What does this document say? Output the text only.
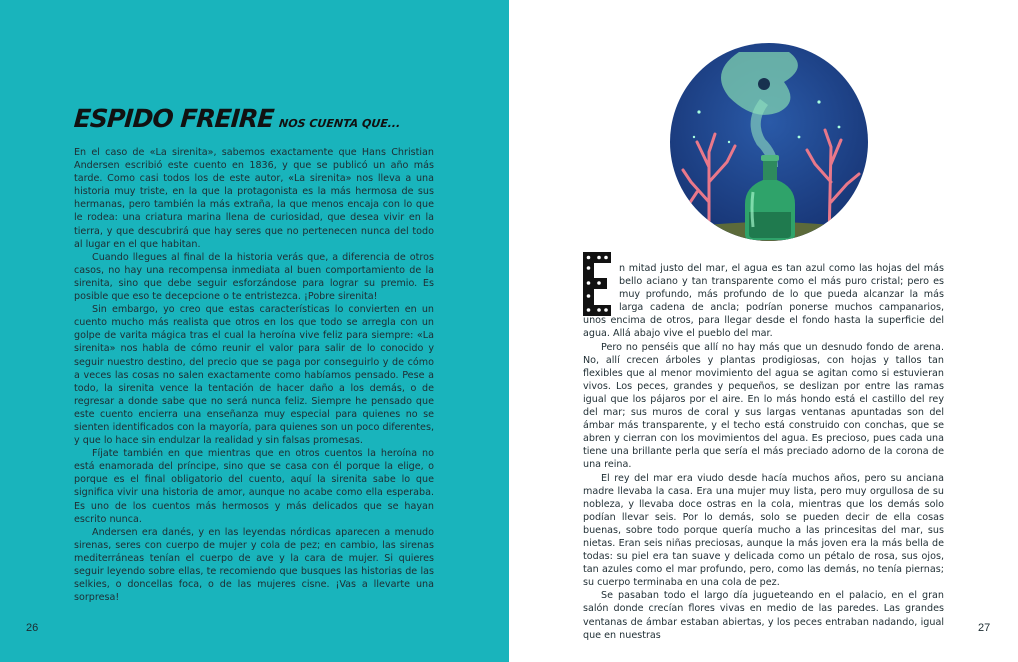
ESPIDO FREIRE NOS CUENTA QUE...

En el caso de «La sirenita», sabemos exactamente que Hans Christian Andersen escribió este cuento en 1836, y que se publicó un año más tarde. Como casi todos los de este autor, «La sirenita» nos lleva a una historia muy triste, en la que la protagonista es la más hermosa de sus hermanas, pero también la más extraña, la que menos encaja con lo que le rodea: una criatura marina llena de curiosidad, que desea vivir en la tierra, y que descubrirá que hay seres que no pertenecen nunca del todo al lugar en el que habitan.

Cuando llegues al final de la historia verás que, a diferencia de otros casos, no hay una recompensa inmediata al buen comportamiento de la sirenita, sino que debe seguir esforzándose para lograr su premio. Es posible que eso te decepcione o te entristezca. ¡Pobre sirenita!

Sin embargo, yo creo que estas características lo convierten en un cuento mucho más realista que otros en los que todo se arregla con un golpe de varita mágica tras el cual la heroína vive feliz para siempre: «La sirenita» nos habla de cómo reunir el valor para salir de lo conocido y seguir nuestro destino, del precio que se paga por conseguirlo y de cómo a veces las cosas no salen exactamente como habíamos pensado. Pese a todo, la sirenita vence la tentación de hacer daño a los demás, o de regresar a donde sabe que no será nunca feliz. Siempre he pensado que este cuento encierra una enseñanza muy especial para quienes no se sienten identificados con la mayoría, para quienes son un poco diferentes, y que lo hace sin endulzar la realidad y sin falsas promesas.

Fíjate también en que mientras que en otros cuentos la heroína no está enamorada del príncipe, sino que se casa con él porque la elige, o porque es el final obligatorio del cuento, aquí la sirenita sabe lo que significa vivir una historia de amor, aunque no acabe como ella esperaba. Es uno de los cuentos más hermosos y más delicados que se hayan escrito nunca.

Andersen era danés, y en las leyendas nórdicas aparecen a menudo sirenas, seres con cuerpo de mujer y cola de pez; en cambio, las sirenas mediterráneas tenían el cuerpo de ave y la cara de mujer. Si quieres seguir leyendo sobre ellas, te recomiendo que busques las historias de las selkies, o doncellas foca, o de las mujeres cisne. ¡Vas a llevarte una sorpresa!

26

n mitad justo del mar, el agua es tan azul como las hojas del más bello aciano y tan transparente como el más puro cristal; pero es muy profundo, más profundo de lo que pueda alcanzar la más larga cadena de ancla; podrían ponerse muchos campanarios, unos encima de otros, para llegar desde el fondo hasta la superficie del agua. Allá abajo vive el pueblo del mar.

Pero no penséis que allí no hay más que un desnudo fondo de arena. No, allí crecen árboles y plantas prodigiosas, con hojas y tallos tan flexibles que al menor movimiento del agua se agitan como si estuvieran vivos. Los peces, grandes y pequeños, se deslizan por entre las ramas igual que los pájaros por el aire. En lo más hondo está el castillo del rey del mar; sus muros de coral y sus largas ventanas apuntadas son del ámbar más transparente, y el techo está construido con conchas, que se abren y cierran con los movimientos del agua. Es precioso, pues cada una tiene una brillante perla que sería el más preciado adorno de la corona de una reina.

El rey del mar era viudo desde hacía muchos años, pero su anciana madre llevaba la casa. Era una mujer muy lista, pero muy orgullosa de su nobleza, y llevaba doce ostras en la cola, mientras que los demás solo podían llevar seis. Por lo demás, solo se pueden decir de ella cosas buenas, sobre todo porque quería mucho a las princesitas del mar, sus nietas. Eran seis niñas preciosas, aunque la más joven era la más bella de todas: su piel era tan suave y delicada como un pétalo de rosa, sus ojos, tan azules como el mar profundo, pero, como las demás, no tenía piernas; su cuerpo terminaba en una cola de pez.

Se pasaban todo el largo día jugueteando en el palacio, en el gran salón donde crecían flores vivas en medio de las paredes. Las grandes ventanas de ámbar estaban abiertas, y los peces entraban nadando, igual que en nuestras

27
